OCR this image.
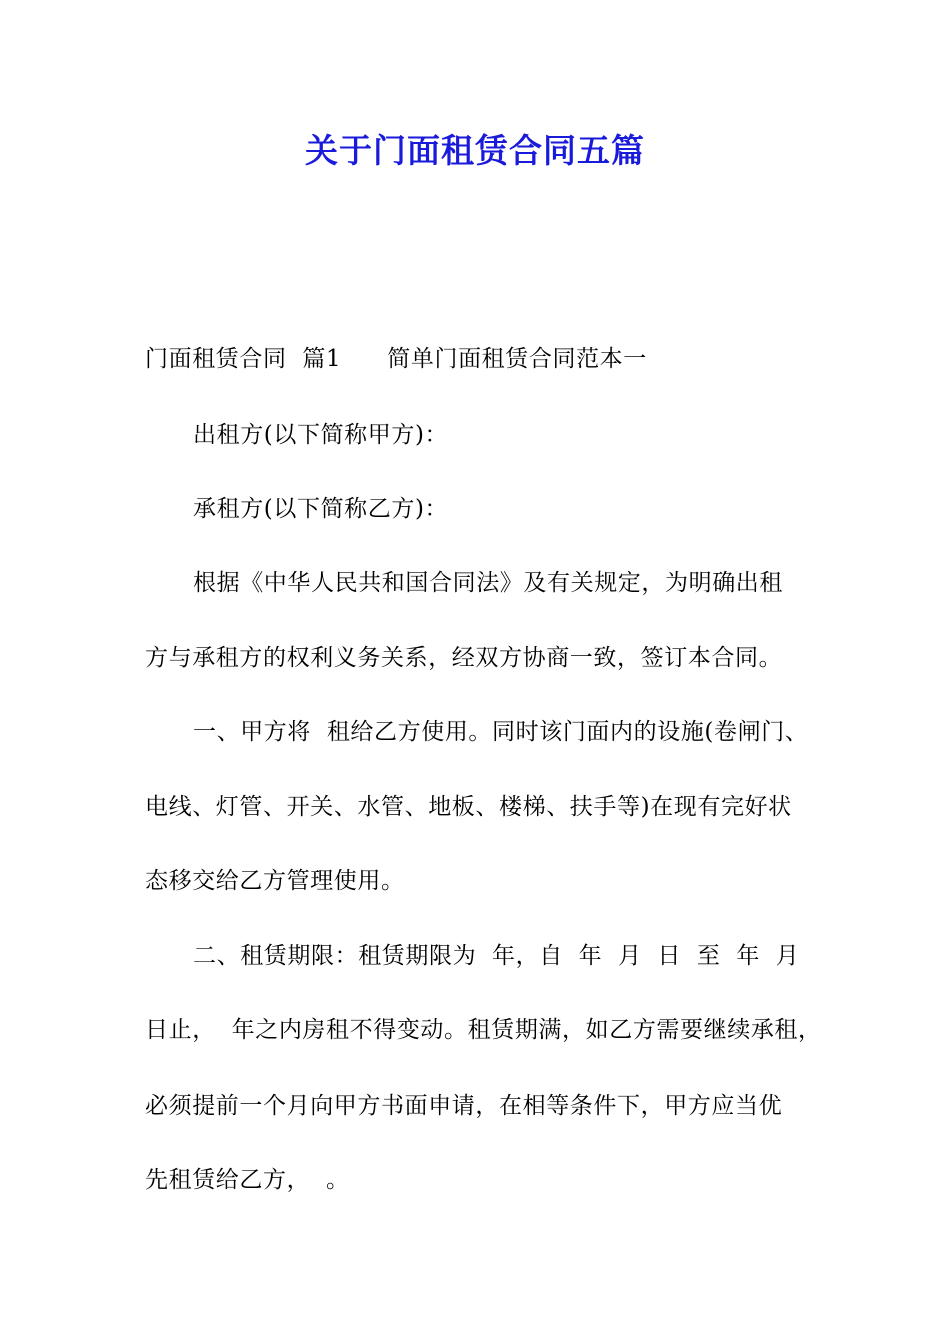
关于门面租赁合同五篇
门面租赁合同  篇1 简单门面租赁合同范本一
出租方(以下简称甲方)：
承租方(以下简称乙方)：
根据《中华人民共和国合同法》及有关规定，为明确出租
方与承租方的权利义务关系，经双方协商一致，签订本合同。
一、甲方将  租给乙方使用。同时该门面内的设施(卷闸门、
电线、灯管、开关、水管、地板、楼梯、扶手等)在现有完好状
态移交给乙方管理使用。
二、租赁期限：租赁期限为  年，自  年  月  日  至  年  月
日止，  年之内房租不得变动。租赁期满，如乙方需要继续承租，
必须提前一个月向甲方书面申请，在相等条件下，甲方应当优
先租赁给乙方，  。
